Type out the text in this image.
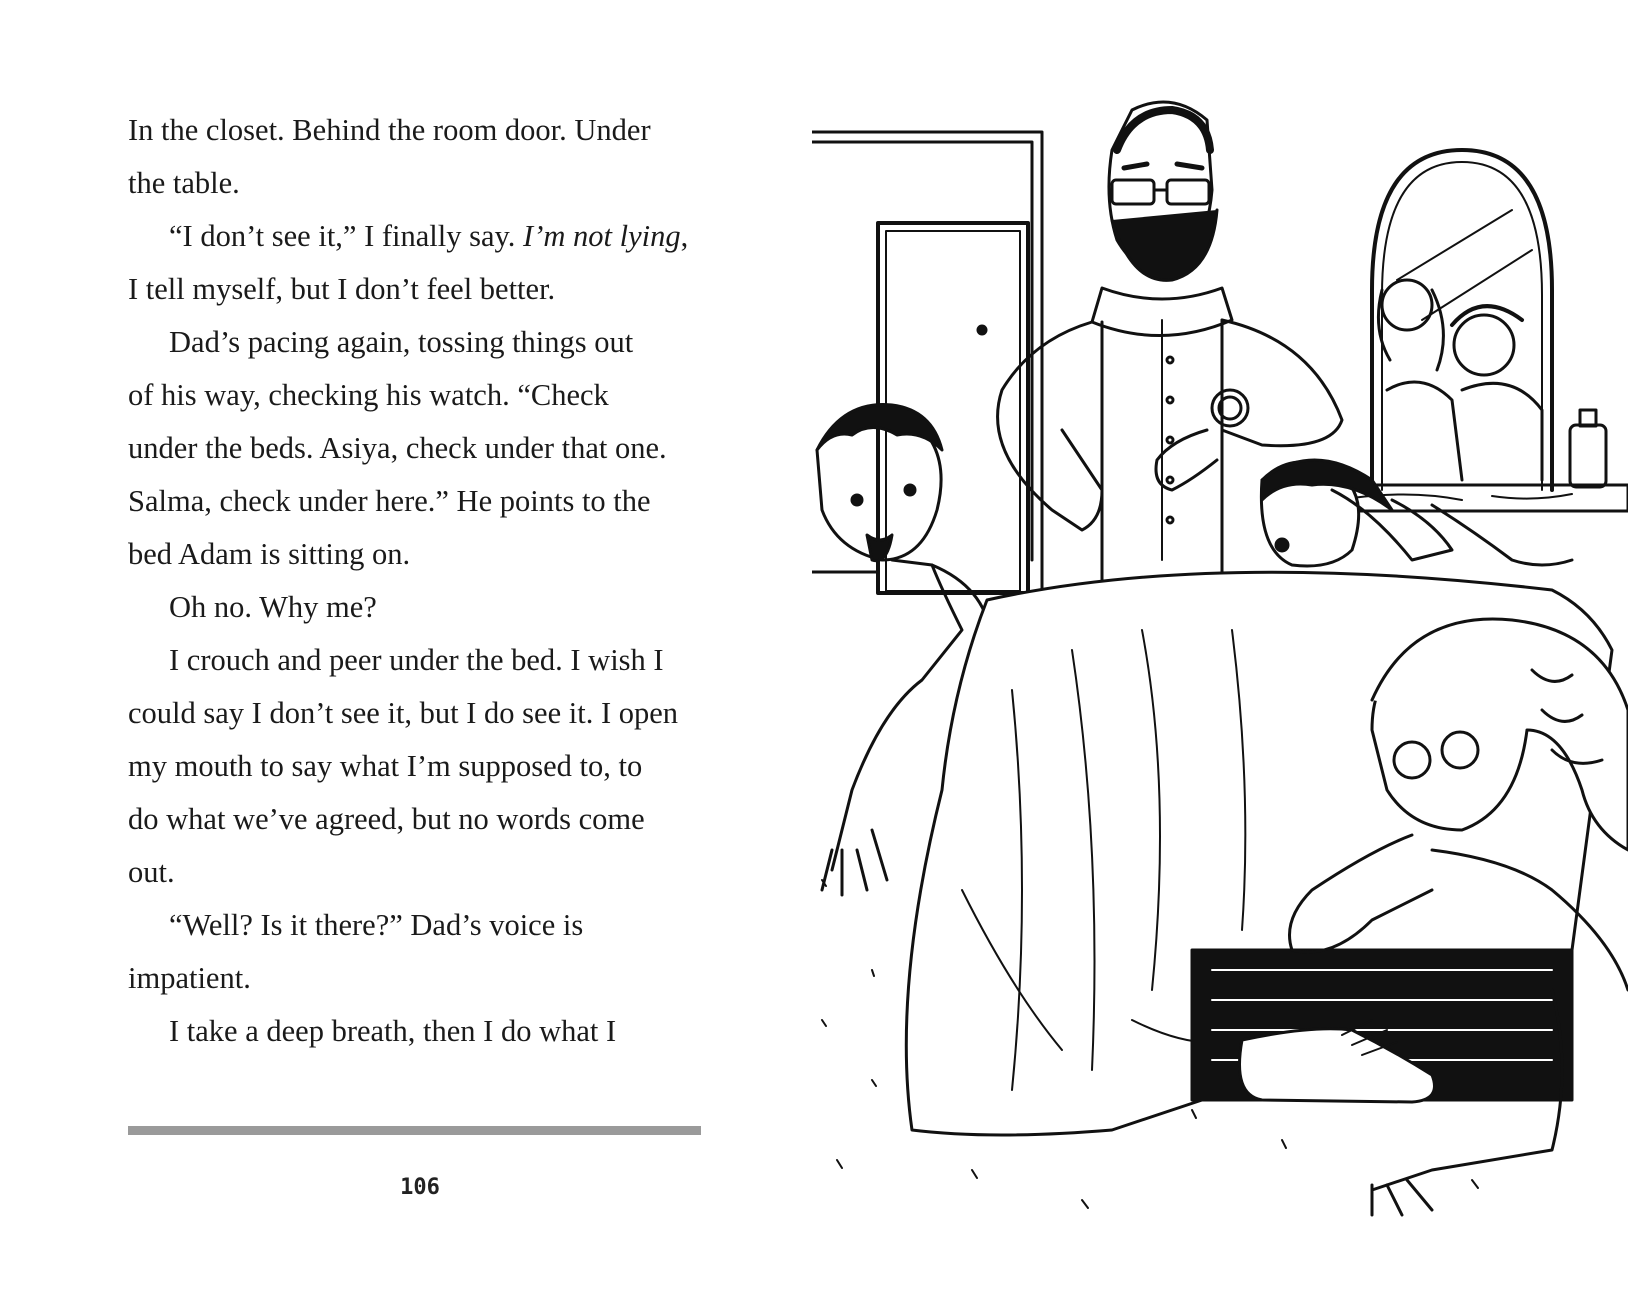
In the closet. Behind the room door. Under
the table.

“I don’t see it,” I finally say. I’m not lying,
I tell myself, but I don’t feel better.

Dad’s pacing again, tossing things out
of his way, checking his watch. “Check
under the beds. Asiya, check under that one.
Salma, check under here.” He points to the
bed Adam is sitting on.

Oh no. Why me?

I crouch and peer under the bed. I wish I
could say I don’t see it, but I do see it. I open
my mouth to say what I’m supposed to, to
do what we’ve agreed, but no words come
out.

“Well? Is it there?” Dad’s voice is
impatient.

I take a deep breath, then I do what I

106
